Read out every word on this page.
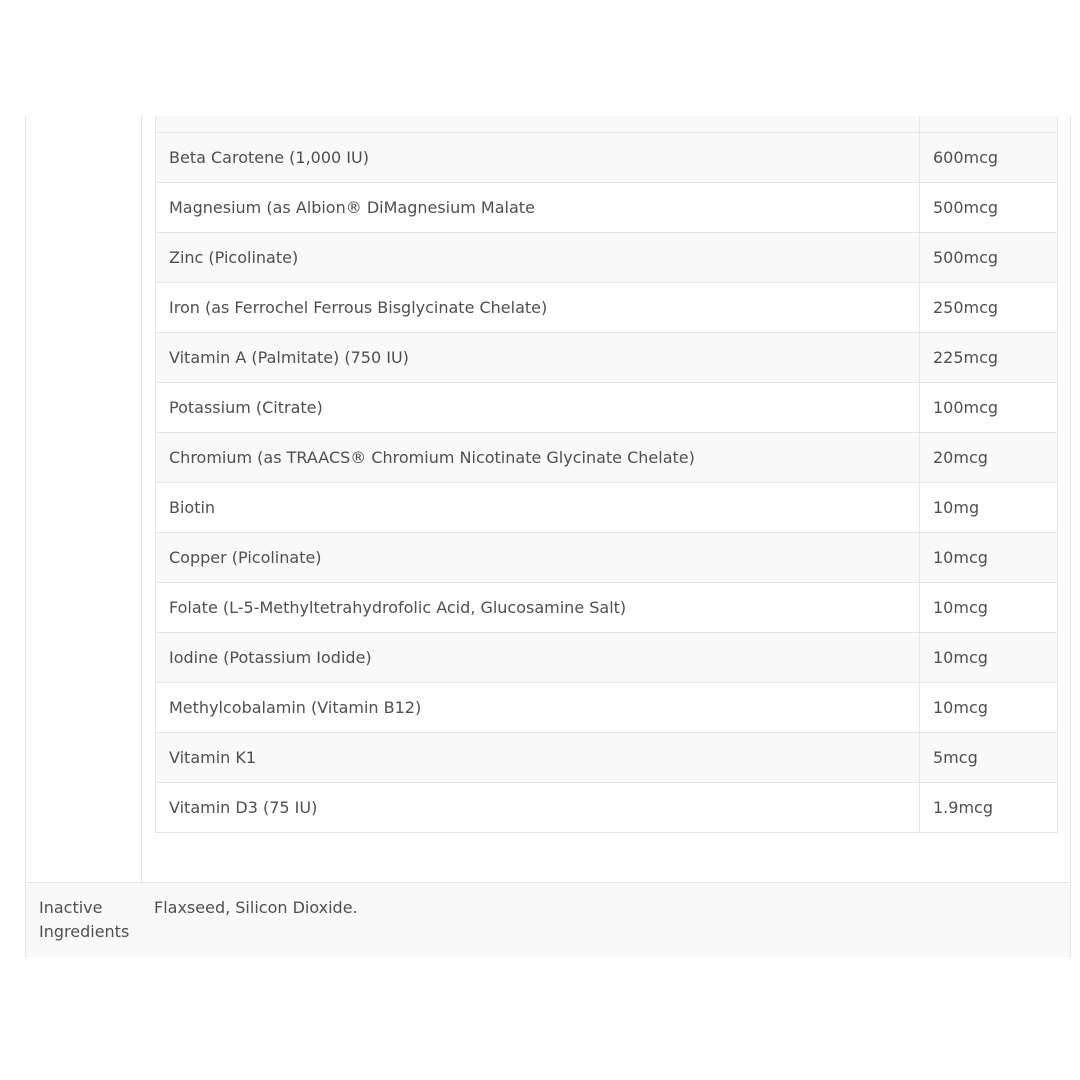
Inactive Ingredients
Flaxseed, Silicon Dioxide.

Beta Carotene (1,000 IU)	600mcg
Magnesium (as Albion® DiMagnesium Malate	500mcg
Zinc (Picolinate)	500mcg
Iron (as Ferrochel Ferrous Bisglycinate Chelate)	250mcg
Vitamin A (Palmitate) (750 IU)	225mcg
Potassium (Citrate)	100mcg
Chromium (as TRAACS® Chromium Nicotinate Glycinate Chelate)	20mcg
Biotin	10mg
Copper (Picolinate)	10mcg
Folate (L-5-Methyltetrahydrofolic Acid, Glucosamine Salt)	10mcg
Iodine (Potassium Iodide)	10mcg
Methylcobalamin (Vitamin B12)	10mcg
Vitamin K1	5mcg
Vitamin D3 (75 IU)	1.9mcg
